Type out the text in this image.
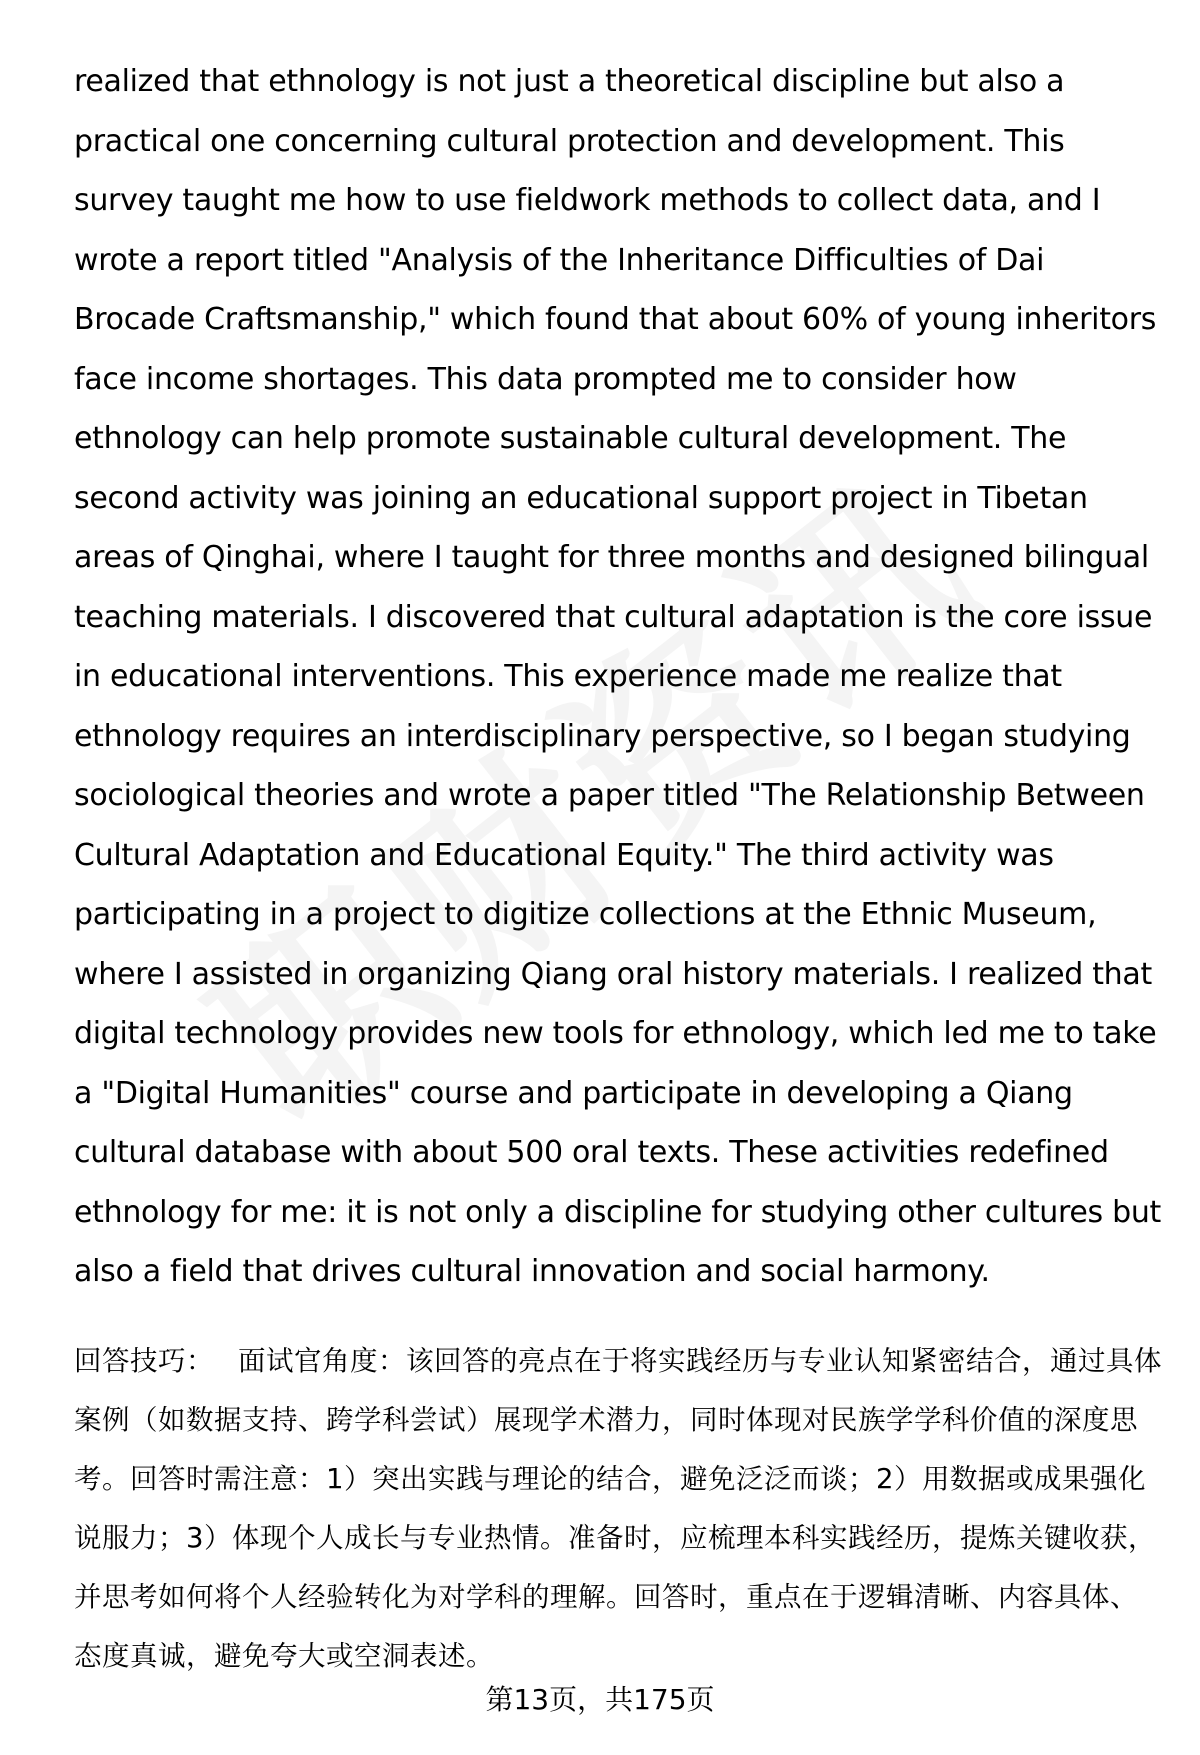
realized that ethnology is not just a theoretical discipline but also a practical one concerning cultural protection and development. This survey taught me how to use fieldwork methods to collect data, and I wrote a report titled "Analysis of the Inheritance Difficulties of Dai Brocade Craftsmanship," which found that about 60% of young inheritors face income shortages. This data prompted me to consider how ethnology can help promote sustainable cultural development. The second activity was joining an educational support project in Tibetan areas of Qinghai, where I taught for three months and designed bilingual teaching materials. I discovered that cultural adaptation is the core issue in educational interventions. This experience made me realize that ethnology requires an interdisciplinary perspective, so I began studying sociological theories and wrote a paper titled "The Relationship Between Cultural Adaptation and Educational Equity." The third activity was participating in a project to digitize collections at the Ethnic Museum, where I assisted in organizing Qiang oral history materials. I realized that digital technology provides new tools for ethnology, which led me to take a "Digital Humanities" course and participate in developing a Qiang cultural database with about 500 oral texts. These activities redefined ethnology for me: it is not only a discipline for studying other cultures but also a field that drives cultural innovation and social harmony.

回答技巧： 面试官角度：该回答的亮点在于将实践经历与专业认知紧密结合，通过具体案例（如数据支持、跨学科尝试）展现学术潜力，同时体现对民族学学科价值的深度思考。回答时需注意：1）突出实践与理论的结合，避免泛泛而谈；2）用数据或成果强化说服力；3）体现个人成长与专业热情。准备时，应梳理本科实践经历，提炼关键收获，并思考如何将个人经验转化为对学科的理解。回答时，重点在于逻辑清晰、内容具体、态度真诚，避免夸大或空洞表述。

第13页，共175页
